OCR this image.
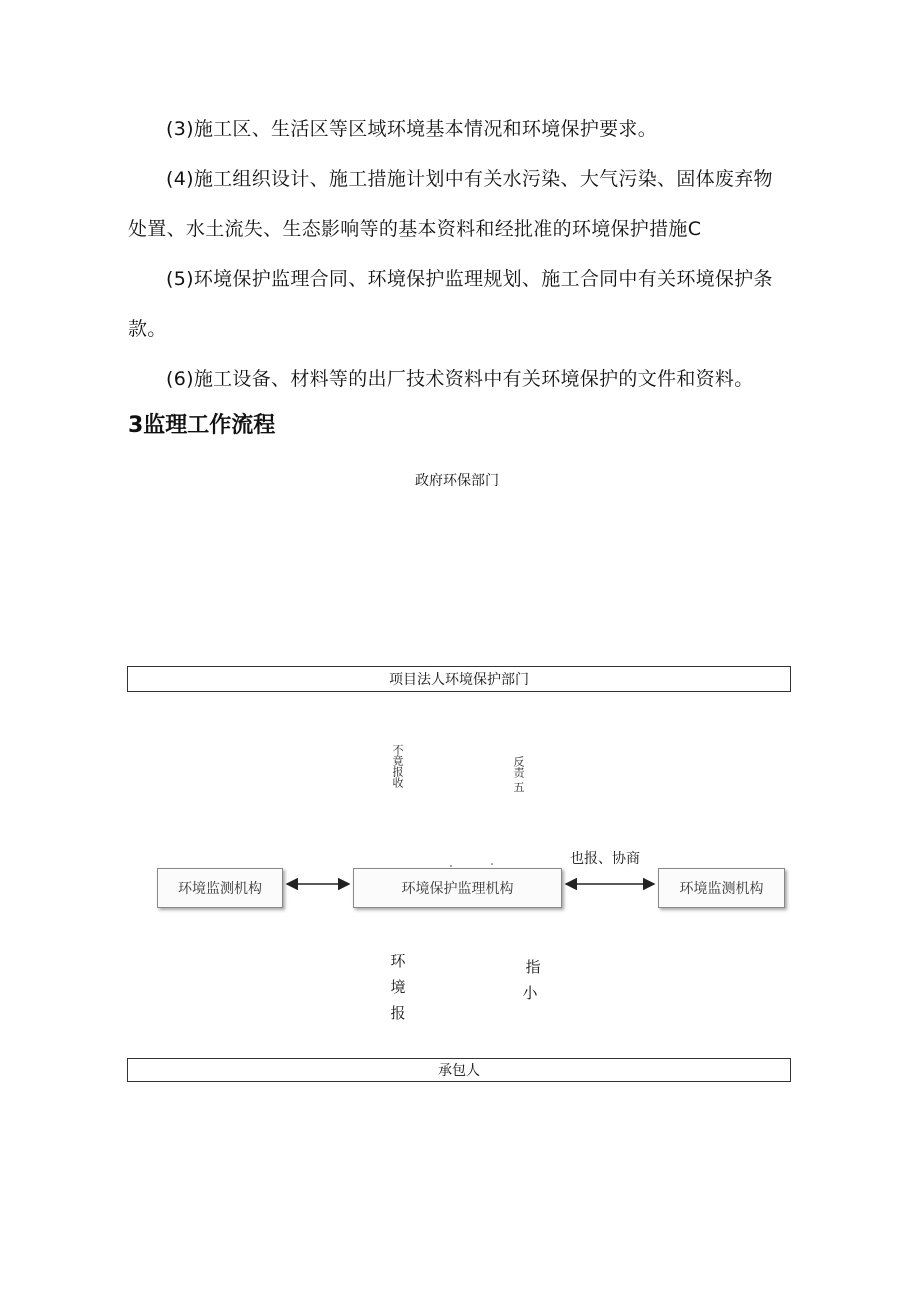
(3)施工区、生活区等区域环境基本情况和环境保护要求。

(4)施工组织设计、施工措施计划中有关水污染、大气污染、固体废弃物处置、水土流失、生态影响等的基本资料和经批准的环境保护措施C

(5)环境保护监理合同、环境保护监理规划、施工合同中有关环境保护条款。

(6)施工设备、材料等的出厂技术资料中有关环境保护的文件和资料。

3监理工作流程
政府环保部门
项目法人环境保护部门
不竟报收	反责 五
也报、协商
环境监测机构	环境保护监理机构	环境监测机构
环
境
报
指
小
承包人
